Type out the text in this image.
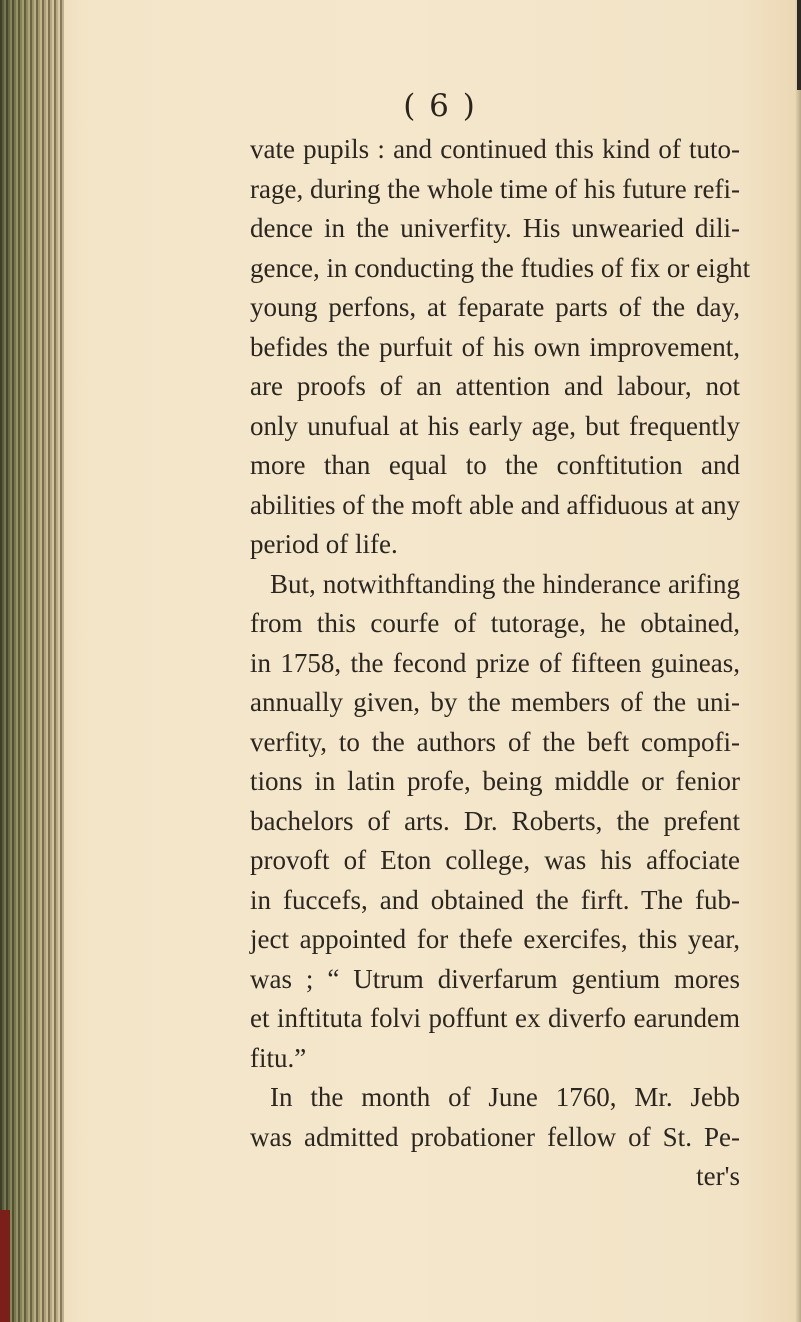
( 6 )
vate pupils : and continued this kind of tuto-
rage, during the whole time of his future refi-
dence in the univerfity. His unwearied dili-
gence, in conducting the ftudies of fix or eight
young perfons, at feparate parts of the day,
befides the purfuit of his own improvement,
are proofs of an attention and labour, not
only unufual at his early age, but frequently
more than equal to the conftitution and
abilities of the moft able and affiduous at any
period of life.
But, notwithftanding the hinderance arifing
from this courfe of tutorage, he obtained,
in 1758, the fecond prize of fifteen guineas,
annually given, by the members of the uni-
verfity, to the authors of the beft compofi-
tions in latin profe, being middle or fenior
bachelors of arts. Dr. Roberts, the prefent
provoft of Eton college, was his affociate
in fuccefs, and obtained the firft. The fub-
ject appointed for thefe exercifes, this year,
was ; “ Utrum diverfarum gentium mores
et inftituta folvi poffunt ex diverfo earundem
fitu.”
In the month of June 1760, Mr. Jebb
was admitted probationer fellow of St. Pe-
ter's
